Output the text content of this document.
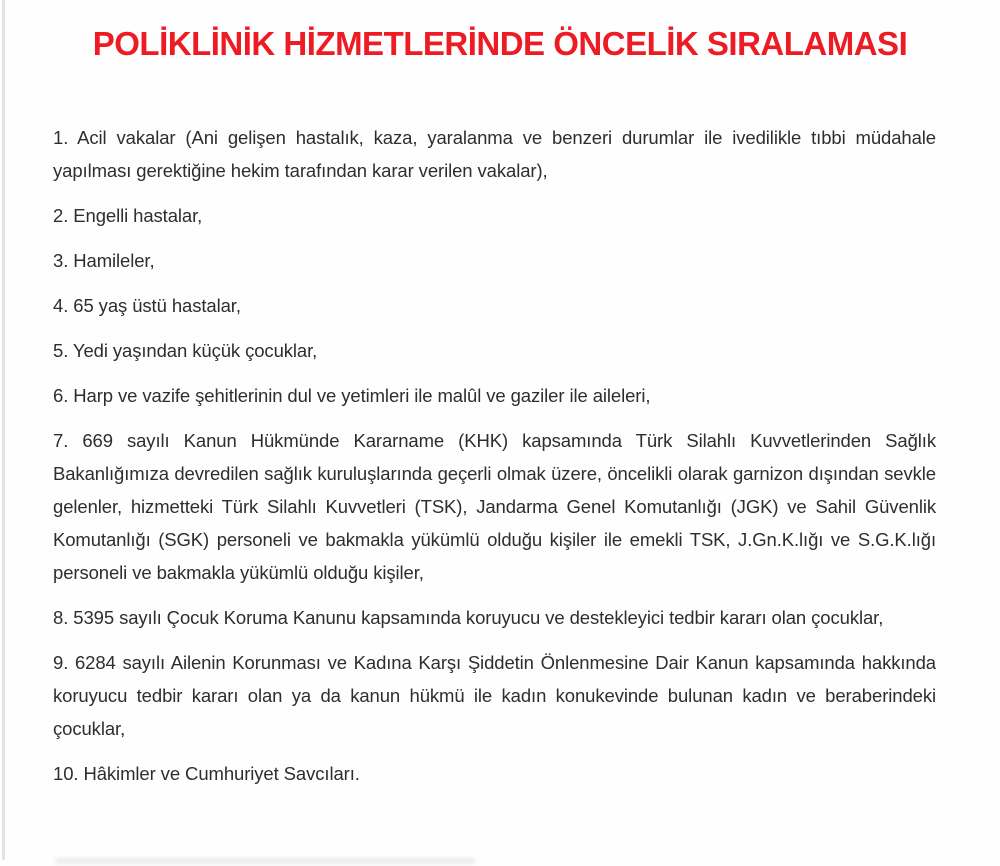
POLİKLİNİK HİZMETLERİNDE ÖNCELİK SIRALAMASI

1. Acil vakalar (Ani gelişen hastalık, kaza, yaralanma ve benzeri durumlar ile ivedilikle tıbbi müdahale yapılması gerektiğine hekim tarafından karar verilen vakalar),

2. Engelli hastalar,

3. Hamileler,

4. 65 yaş üstü hastalar,

5. Yedi yaşından küçük çocuklar,

6. Harp ve vazife şehitlerinin dul ve yetimleri ile malûl ve gaziler ile aileleri,

7. 669 sayılı Kanun Hükmünde Kararname (KHK) kapsamında Türk Silahlı Kuvvetlerinden Sağlık Bakanlığımıza devredilen sağlık kuruluşlarında geçerli olmak üzere, öncelikli olarak garnizon dışından sevkle gelenler, hizmetteki Türk Silahlı Kuvvetleri (TSK), Jandarma Genel Komutanlığı (JGK) ve Sahil Güvenlik Komutanlığı (SGK) personeli ve bakmakla yükümlü olduğu kişiler ile emekli TSK, J.Gn.K.lığı ve S.G.K.lığı personeli ve bakmakla yükümlü olduğu kişiler,

8. 5395 sayılı Çocuk Koruma Kanunu kapsamında koruyucu ve destekleyici tedbir kararı olan çocuklar,

9. 6284 sayılı Ailenin Korunması ve Kadına Karşı Şiddetin Önlenmesine Dair Kanun kapsamında hakkında koruyucu tedbir kararı olan ya da kanun hükmü ile kadın konukevinde bulunan kadın ve beraberindeki çocuklar,

10. Hâkimler ve Cumhuriyet Savcıları.
